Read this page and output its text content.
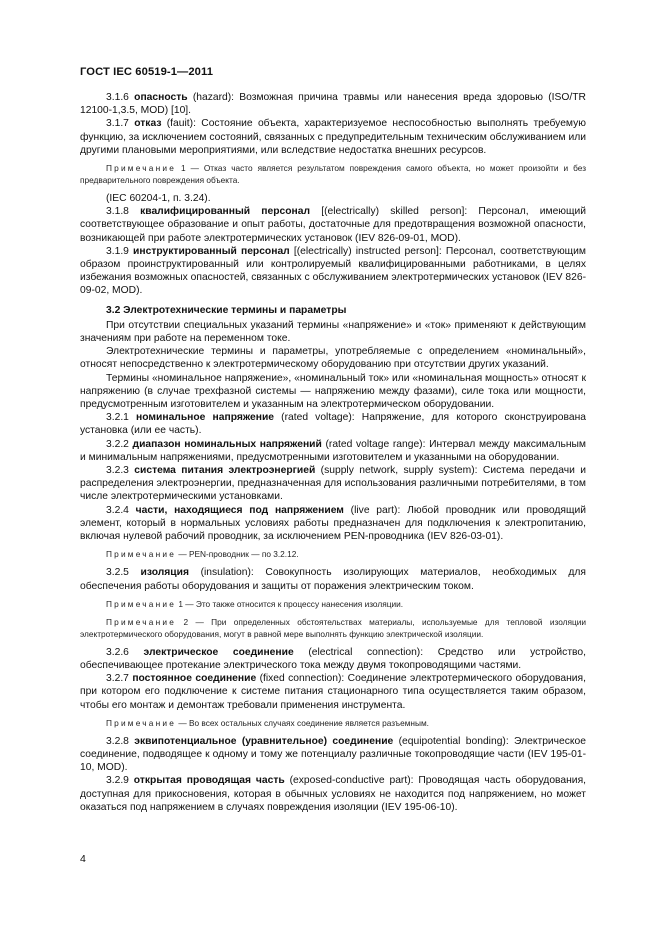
ГОСТ IEC 60519-1—2011

3.1.6 опасность (hazard): Возможная причина травмы или нанесения вреда здоровью (ISO/TR 12100-1,3.5, MOD) [10].

3.1.7 отказ (fauit): Состояние объекта, характеризуемое неспособностью выполнять требуемую функцию, за исключением состояний, связанных с предупредительным техническим обслуживанием или другими плановыми мероприятиями, или вследствие недостатка внешних ресурсов.

Примечание 1 — Отказ часто является результатом повреждения самого объекта, но может произойти и без предварительного повреждения объекта.

(IEC 60204-1, п. 3.24).

3.1.8 квалифицированный персонал [(electrically) skilled person]: Персонал, имеющий соответствующее образование и опыт работы, достаточные для предотвращения возможной опасности, возникающей при работе электротермических установок (IEV 826-09-01, MOD).

3.1.9 инструктированный персонал [(electrically) instructed person]: Персонал, соответствующим образом проинструктированный или контролируемый квалифицированными работниками, в целях избежания возможных опасностей, связанных с обслуживанием электротермических установок (IEV 826-09-02, MOD).

3.2 Электротехнические термины и параметры

При отсутствии специальных указаний термины «напряжение» и «ток» применяют к действующим значениям при работе на переменном токе.

Электротехнические термины и параметры, употребляемые с определением «номинальный», относят непосредственно к электротермическому оборудованию при отсутствии других указаний.

Термины «номинальное напряжение», «номинальный ток» или «номинальная мощность» относят к напряжению (в случае трехфазной системы — напряжению между фазами), силе тока или мощности, предусмотренным изготовителем и указанным на электротермическом оборудовании.

3.2.1 номинальное напряжение (rated voltage): Напряжение, для которого сконструирована установка (или ее часть).

3.2.2 диапазон номинальных напряжений (rated voltage range): Интервал между максимальным и минимальным напряжениями, предусмотренными изготовителем и указанными на оборудовании.

3.2.3 система питания электроэнергией (supply network, supply system): Система передачи и распределения электроэнергии, предназначенная для использования различными потребителями, в том числе электротермическими установками.

3.2.4 части, находящиеся под напряжением (live part): Любой проводник или проводящий элемент, который в нормальных условиях работы предназначен для подключения к электропитанию, включая нулевой рабочий проводник, за исключением PEN-проводника (IEV 826-03-01).

Примечание — PEN-проводник — по 3.2.12.

3.2.5 изоляция (insulation): Совокупность изолирующих материалов, необходимых для обеспечения работы оборудования и защиты от поражения электрическим током.

Примечание 1 — Это также относится к процессу нанесения изоляции.

Примечание 2 — При определенных обстоятельствах материалы, используемые для тепловой изоляции электротермического оборудования, могут в равной мере выполнять функцию электрической изоляции.

3.2.6 электрическое соединение (electrical connection): Средство или устройство, обеспечивающее протекание электрического тока между двумя токопроводящими частями.

3.2.7 постоянное соединение (fixed connection): Соединение электротермического оборудования, при котором его подключение к системе питания стационарного типа осуществляется таким образом, чтобы его монтаж и демонтаж требовали применения инструмента.

Примечание — Во всех остальных случаях соединение является разъемным.

3.2.8 эквипотенциальное (уравнительное) соединение (equipotential bonding): Электрическое соединение, подводящее к одному и тому же потенциалу различные токопроводящие части (IEV 195-01-10, MOD).

3.2.9 открытая проводящая часть (exposed-conductive part): Проводящая часть оборудования, доступная для прикосновения, которая в обычных условиях не находится под напряжением, но может оказаться под напряжением в случаях повреждения изоляции (IEV 195-06-10).

4
